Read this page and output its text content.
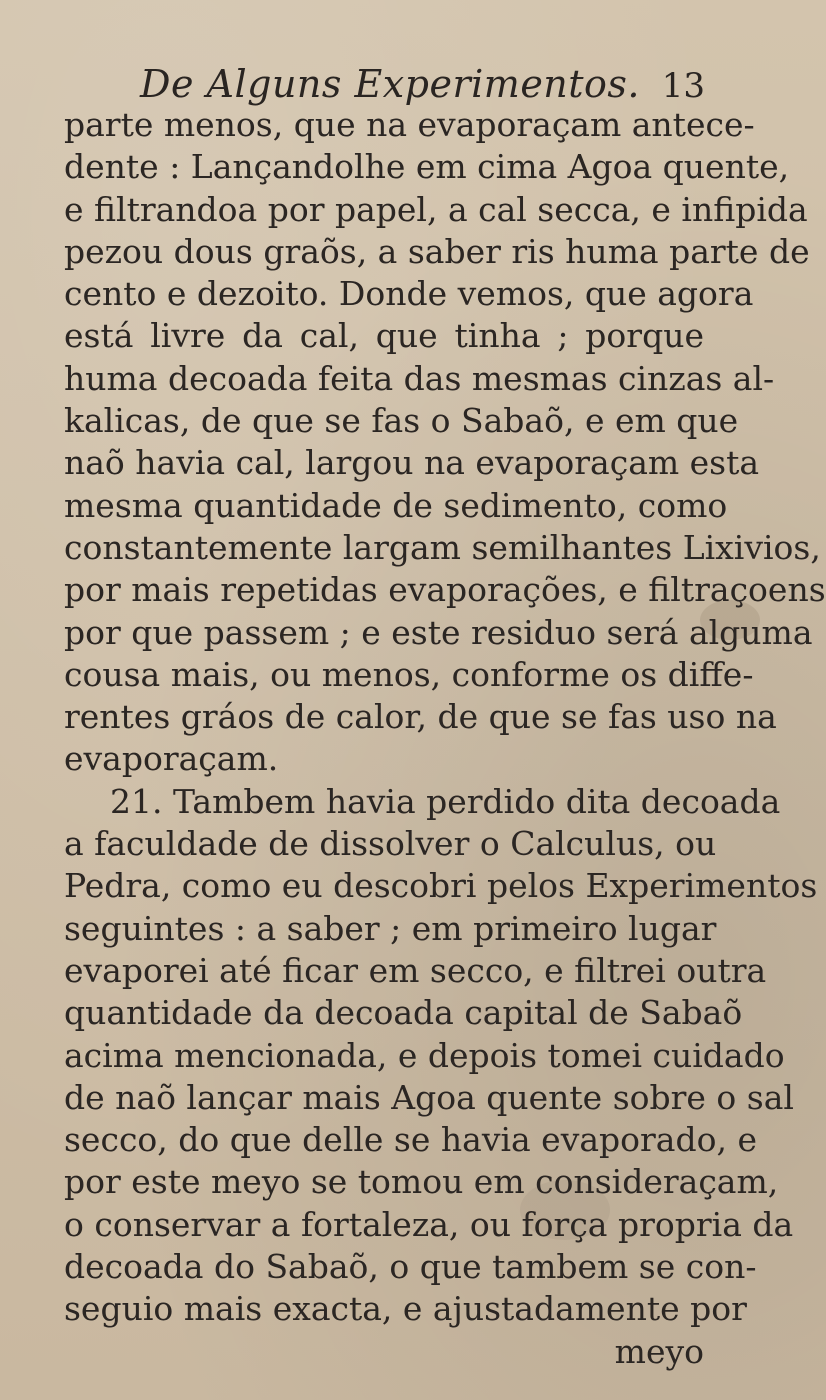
De Alguns Experimentos. 13
parte menos, que na evaporaçam antece-
dente : Lançandolhe em cima Agoa quente,
e filtrandoa por papel, a cal secca, e infipida
pezou dous graõs, a saber ris huma parte de
cento e dezoito. Donde vemos, que agora
está livre da cal, que tinha ; porque
huma decoada feita das mesmas cinzas al-
kalicas, de que se fas o Sabaõ, e em que
naõ havia cal, largou na evaporaçam esta
mesma quantidade de sedimento, como
constantemente largam semilhantes Lixivios,
por mais repetidas evaporações, e filtraçoens
por que passem ; e este residuo será alguma
cousa mais, ou menos, conforme os diffe-
rentes gráos de calor, de que se fas uso na
evaporaçam.
21. Tambem havia perdido dita decoada
a faculdade de dissolver o Calculus, ou
Pedra, como eu descobri pelos Experimentos
seguintes : a saber ; em primeiro lugar
evaporei até ficar em secco, e filtrei outra
quantidade da decoada capital de Sabaõ
acima mencionada, e depois tomei cuidado
de naõ lançar mais Agoa quente sobre o sal
secco, do que delle se havia evaporado, e
por este meyo se tomou em consideraçam,
o conservar a fortaleza, ou força propria da
decoada do Sabaõ, o que tambem se con-
seguio mais exacta, e ajustadamente por
meyo
